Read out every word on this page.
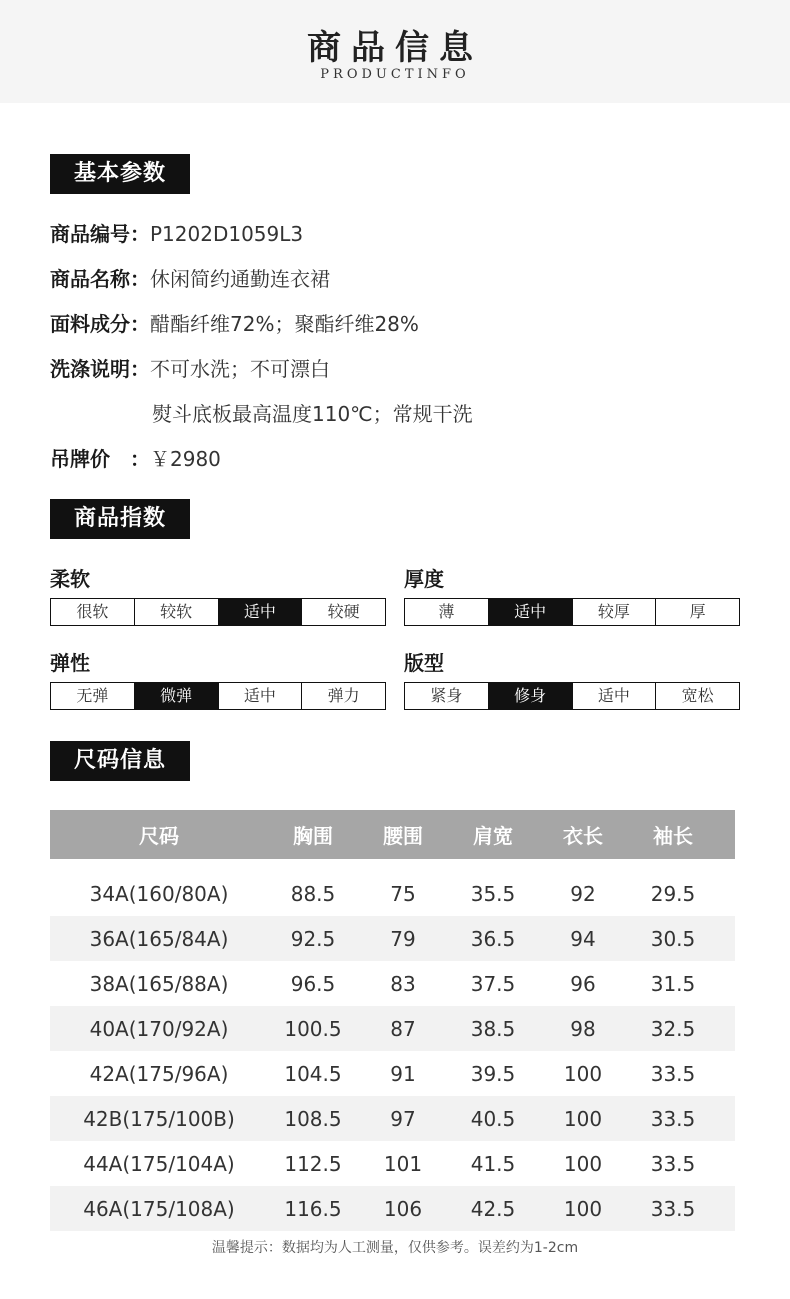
商品信息
PRODUCTINFO
基本参数
商品编号：P1202D1059L3
商品名称：休闲简约通勤连衣裙
面料成分：醋酯纤维72%；聚酯纤维28%
洗涤说明：不可水洗；不可漂白
熨斗底板最高温度110℃；常规干洗
吊牌价　：￥2980
商品指数
柔软
很软	较软	适中	较硬
厚度
薄	适中	较厚	厚
弹性
无弹	微弹	适中	弹力
版型
紧身	修身	适中	宽松
尺码信息
尺码	胸围	腰围	肩宽	衣长	袖长
34A(160/80A)	88.5	75	35.5	92	29.5
36A(165/84A)	92.5	79	36.5	94	30.5
38A(165/88A)	96.5	83	37.5	96	31.5
40A(170/92A)	100.5	87	38.5	98	32.5
42A(175/96A)	104.5	91	39.5	100	33.5
42B(175/100B)	108.5	97	40.5	100	33.5
44A(175/104A)	112.5	101	41.5	100	33.5
46A(175/108A)	116.5	106	42.5	100	33.5
温馨提示：数据均为人工测量，仅供参考。误差约为1-2cm
